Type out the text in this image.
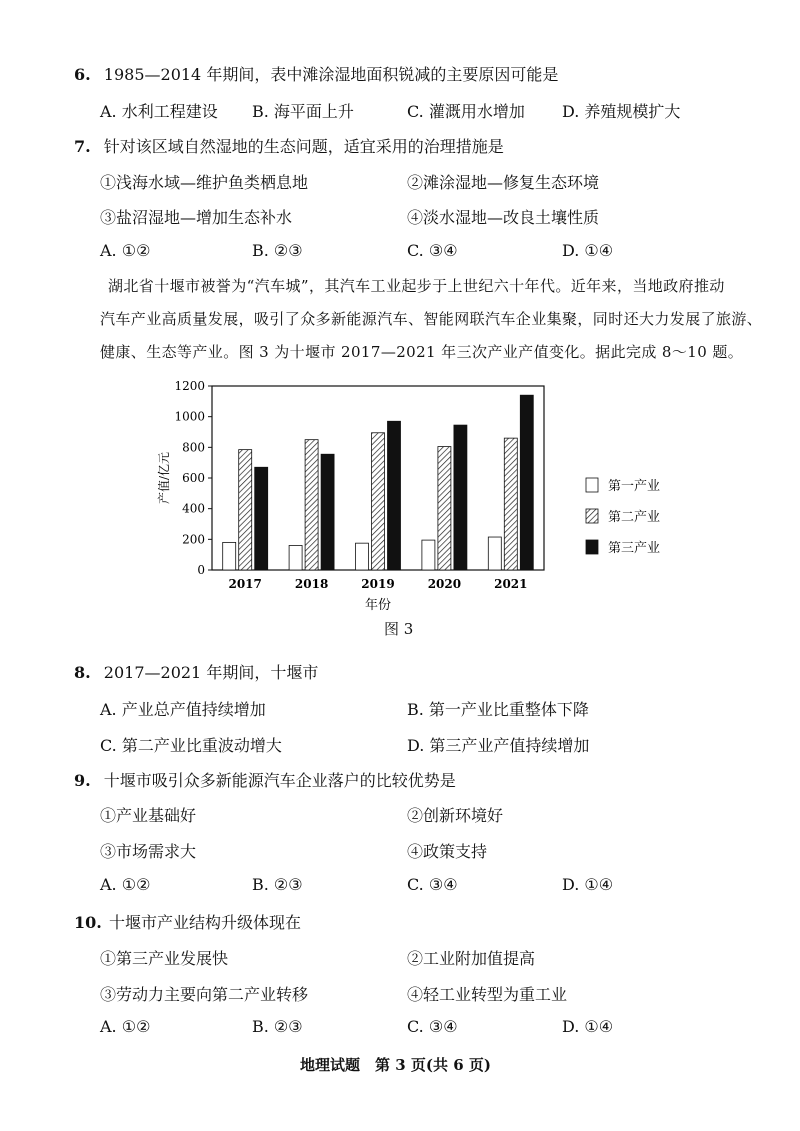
6. 1985—2014 年期间，表中滩涂湿地面积锐减的主要原因可能是
A. 水利工程建设 B. 海平面上升	C. 灌溉用水增加 D. 养殖规模扩大
7. 针对该区域自然湿地的生态问题，适宜采用的治理措施是
①浅海水域—维护鱼类栖息地	②滩涂湿地—修复生态环境
③盐沼湿地—增加生态补水	④淡水湿地—改良土壤性质
A. ①②	B. ②③	C. ③④	D. ①④
湖北省十堰市被誉为“汽车城”，其汽车工业起步于上世纪六十年代。近年来，当地政府推动
汽车产业高质量发展，吸引了众多新能源汽车、智能网联汽车企业集聚，同时还大力发展了旅游、
健康、生态等产业。图 3 为十堰市 2017—2021 年三次产业产值变化。据此完成 8～10 题。
0
200
400
600
800
1000
1200
产值/亿元
2017	2018	2019	2020	2021
年份
第一产业
第二产业
第三产业
图 3
8. 2017—2021 年期间，十堰市
A. 产业总产值持续增加	B. 第一产业比重整体下降
C. 第二产业比重波动增大	D. 第三产业产值持续增加
9. 十堰市吸引众多新能源汽车企业落户的比较优势是
①产业基础好	②创新环境好
③市场需求大	④政策支持
A. ①②	B. ②③	C. ③④	D. ①④
10. 十堰市产业结构升级体现在
①第三产业发展快	②工业附加值提高
③劳动力主要向第二产业转移	④轻工业转型为重工业
A. ①②	B. ②③	C. ③④	D. ①④
地理试题　第 3 页(共 6 页)
